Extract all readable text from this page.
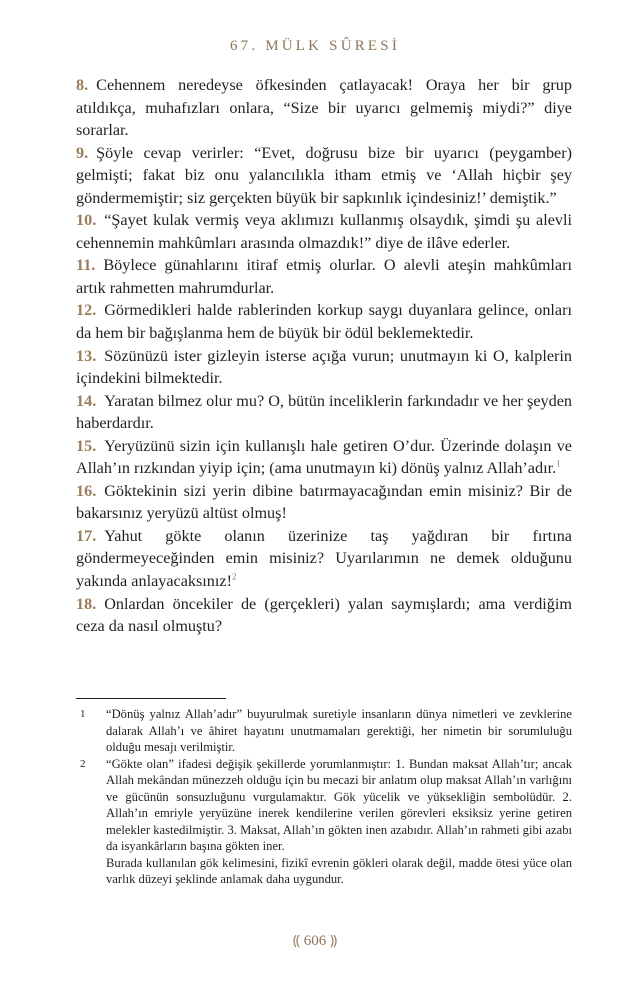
67. MÜLK SÛRESİ

8. Cehennem neredeyse öfkesinden çatlayacak! Oraya her bir grup atıldıkça, muhafızları onlara, “Size bir uyarıcı gelmemiş miydi?” diye sorarlar.

9. Şöyle cevap verirler: “Evet, doğrusu bize bir uyarıcı (peygamber) gelmişti; fakat biz onu yalancılıkla itham etmiş ve ‘Allah hiçbir şey göndermemiştir; siz gerçekten büyük bir sapkınlık içindesiniz!’ demiştik.”

10. “Şayet kulak vermiş veya aklımızı kullanmış olsaydık, şimdi şu alevli cehennemin mahkûmları arasında olmazdık!” diye de ilâve ederler.

11. Böylece günahlarını itiraf etmiş olurlar. O alevli ateşin mahkûmları artık rahmetten mahrumdurlar.

12. Görmedikleri halde rablerinden korkup saygı duyanlara gelince, onları da hem bir bağışlanma hem de büyük bir ödül beklemektedir.

13. Sözünüzü ister gizleyin isterse açığa vurun; unutmayın ki O, kalplerin içindekini bilmektedir.

14. Yaratan bilmez olur mu? O, bütün inceliklerin farkındadır ve her şeyden haberdardır.

15. Yeryüzünü sizin için kullanışlı hale getiren O’dur. Üzerinde dolaşın ve Allah’ın rızkından yiyip için; (ama unutmayın ki) dönüş yalnız Allah’adır.$^1$

16. Göktekinin sizi yerin dibine batırmayacağından emin misiniz? Bir de bakarsınız yeryüzü altüst olmuş!

17. Yahut gökte olanın üzerinize taş yağdıran bir fırtına göndermeyeceğinden emin misiniz? Uyarılarımın ne demek olduğunu yakında anlayacaksınız!$^2$

18. Onlardan öncekiler de (gerçekleri) yalan saymışlardı; ama verdiğim ceza da nasıl olmuştu?

1	“Dönüş yalnız Allah’adır” buyurulmak suretiyle insanların dünya nimetleri ve zevklerine dalarak Allah’ı ve âhiret hayatını unutmamaları gerektiği, her nimetin bir sorumluluğu olduğu mesajı verilmiştir.

2	“Gökte olan” ifadesi değişik şekillerde yorumlanmıştır: 1. Bundan maksat Allah’tır; ancak Allah mekândan münezzeh olduğu için bu mecazi bir anlatım olup maksat Allah’ın varlığını ve gücünün sonsuzluğunu vurgulamaktır. Gök yücelik ve yüksekliğin sembolüdür. 2. Allah’ın emriyle yeryüzüne inerek kendilerine verilen görevleri eksiksiz yerine getiren melekler kastedilmiştir. 3. Maksat, Allah’ın gökten inen azabıdır. Allah’ın rahmeti gibi azabı da isyankârların başına gökten iner.

Burada kullanılan gök kelimesini, fizikî evrenin gökleri olarak değil, madde ötesi yüce olan varlık düzeyi şeklinde anlamak daha uygundur.

⸨ 606 ⸩
